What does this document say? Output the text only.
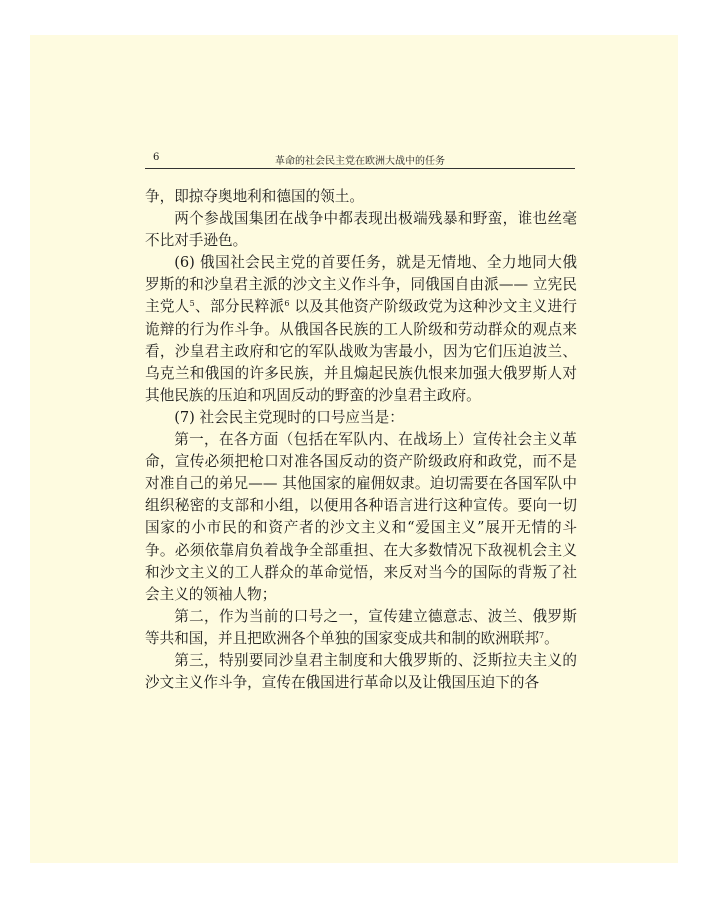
6	革命的社会民主党在欧洲大战中的任务

争，即掠夺奥地利和德国的领土。

两个参战国集团在战争中都表现出极端残暴和野蛮，谁也丝毫不比对手逊色。

(6) 俄国社会民主党的首要任务，就是无情地、全力地同大俄罗斯的和沙皇君主派的沙文主义作斗争，同俄国自由派—— 立宪民主党人$^5$、部分民粹派$^6$ 以及其他资产阶级政党为这种沙文主义进行诡辩的行为作斗争。从俄国各民族的工人阶级和劳动群众的观点来看，沙皇君主政府和它的军队战败为害最小，因为它们压迫波兰、乌克兰和俄国的许多民族，并且煽起民族仇恨来加强大俄罗斯人对其他民族的压迫和巩固反动的野蛮的沙皇君主政府。

(7) 社会民主党现时的口号应当是：

第一，在各方面（包括在军队内、在战场上）宣传社会主义革命，宣传必须把枪口对准各国反动的资产阶级政府和政党，而不是对准自己的弟兄—— 其他国家的雇佣奴隶。迫切需要在各国军队中组织秘密的支部和小组，以便用各种语言进行这种宣传。要向一切国家的小市民的和资产者的沙文主义和“爱国主义”展开无情的斗争。必须依靠肩负着战争全部重担、在大多数情况下敌视机会主义和沙文主义的工人群众的革命觉悟，来反对当今的国际的背叛了社会主义的领袖人物；

第二，作为当前的口号之一，宣传建立德意志、波兰、俄罗斯等共和国，并且把欧洲各个单独的国家变成共和制的欧洲联邦$^7$。

第三，特别要同沙皇君主制度和大俄罗斯的、泛斯拉夫主义的沙文主义作斗争，宣传在俄国进行革命以及让俄国压迫下的各
